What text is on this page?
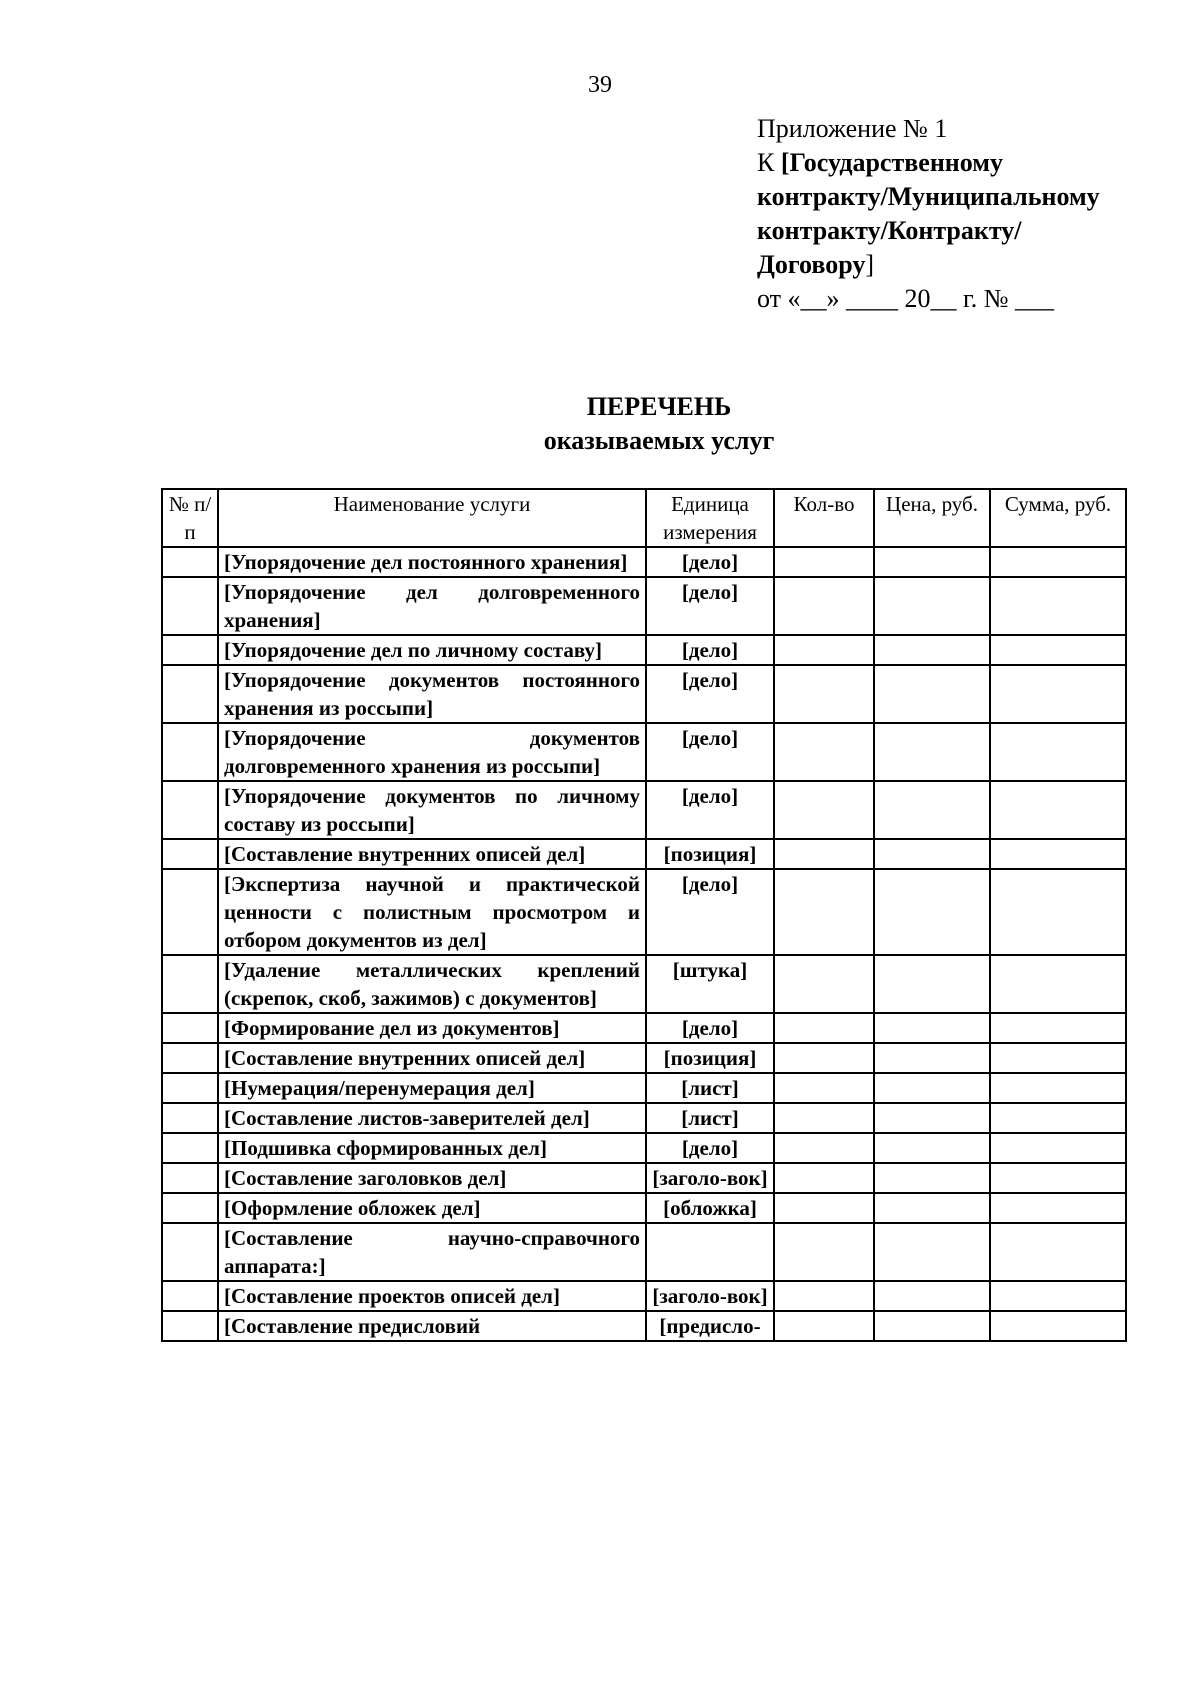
39
Приложение № 1
К [Государственному
контракту/Муниципальному
контракту/Контракту/
Договору]
от «__» ____ 20__ г. № ___
ПЕРЕЧЕНЬ
оказываемых услуг
№ п/п	Наименование услуги	Единица измерения	Кол-во	Цена, руб.	Сумма, руб.
	[Упорядочение дел постоянного хранения]	[дело]			
	[Упорядочение дел долговременного хранения]	[дело]			
	[Упорядочение дел по личному составу]	[дело]			
	[Упорядочение документов постоянного хранения из россыпи]	[дело]			
	[Упорядочение документов долговременного хранения из россыпи]	[дело]			
	[Упорядочение документов по личному составу из россыпи]	[дело]			
	[Составление внутренних описей дел]	[позиция]			
	[Экспертиза научной и практической ценности с полистным просмотром и отбором документов из дел]	[дело]			
	[Удаление металлических креплений (скрепок, скоб, зажимов) с документов]	[штука]			
	[Формирование дел из документов]	[дело]			
	[Составление внутренних описей дел]	[позиция]			
	[Нумерация/перенумерация дел]	[лист]			
	[Составление листов-заверителей дел]	[лист]			
	[Подшивка сформированных дел]	[дело]			
	[Составление заголовков дел]	[заголо-вок]			
	[Оформление обложек дел]	[обложка]			
	[Составление научно-справочного аппарата:]				
	[Составление проектов описей дел]	[заголо-вок]			
	[Составление предисловий	[предисло-			
